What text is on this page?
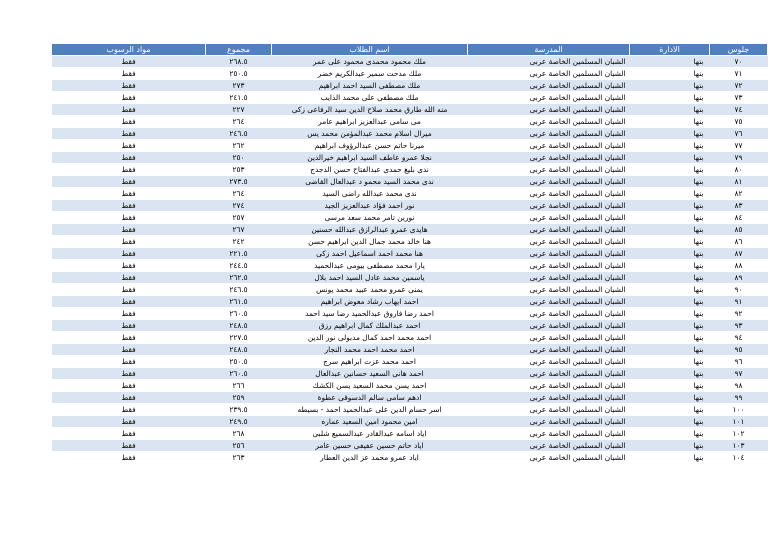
جلوس	الادارة	المدرسة	اسم الطلاب	مجموع	مواد الرسوب
٧٠	بنها	الشبان المسلمين الخاصة عربى	ملك محمود محمدى محمود على عمر	٢٦٨.٥	فقط
٧١	بنها	الشبان المسلمين الخاصة عربى	ملك مدحت سمير عبدالكريم خضر	٢٥٠.٥	فقط
٧٢	بنها	الشبان المسلمين الخاصة عربى	ملك مصطفى السيد احمد ابراهيم	٢٧٣	فقط
٧٣	بنها	الشبان المسلمين الخاصة عربى	ملك مصطفى على محمد الذايب	٢٤١.٥	فقط
٧٤	بنها	الشبان المسلمين الخاصة عربى	منه الله طارق محمد صلاح الدين سيد الرفاعى زكى	٢٢٧	فقط
٧٥	بنها	الشبان المسلمين الخاصة عربى	مى سامى عبدالعزيز ابراهيم عامر	٢٦٤	فقط
٧٦	بنها	الشبان المسلمين الخاصة عربى	ميرال اسلام محمد عبدالمؤمن محمد يس	٢٤٦.٥	فقط
٧٧	بنها	الشبان المسلمين الخاصة عربى	ميرنا حاتم حسن عبدالرؤوف ابراهيم	٢٦٢	فقط
٧٩	بنها	الشبان المسلمين الخاصة عربى	نجلا عمرو عاطف السيد ابراهيم خيرالدين	٢٥٠	فقط
٨٠	بنها	الشبان المسلمين الخاصة عربى	ندى بليغ حمدى عبدالفتاح حسن الدجدج	٢٥٣	فقط
٨١	بنها	الشبان المسلمين الخاصة عربى	ندى محمد السيد محمو د عبدالعال القاضى	٢٧٣.٥	فقط
٨٢	بنها	الشبان المسلمين الخاصة عربى	ندى محمد عبدالله راضى السيد	٢٦٤	فقط
٨٣	بنها	الشبان المسلمين الخاصة عربى	نور احمد فؤاد عبدالعزيز الجيد	٢٧٤	فقط
٨٤	بنها	الشبان المسلمين الخاصة عربى	نورين تامر محمد سعد مرسى	٢٥٧	فقط
٨٥	بنها	الشبان المسلمين الخاصة عربى	هايدى عمرو عبدالرازق عبدالله حسنين	٢٦٧	فقط
٨٦	بنها	الشبان المسلمين الخاصة عربى	هنا خالد محمد جمال الدين ابراهيم حسن	٢٤٢	فقط
٨٧	بنها	الشبان المسلمين الخاصة عربى	هنا محمد احمد اسماعيل احمد زكى	٢٢١.٥	فقط
٨٨	بنها	الشبان المسلمين الخاصة عربى	يارا محمد مصطفى بيومى عبدالحميد	٢٤٤.٥	فقط
٨٩	بنها	الشبان المسلمين الخاصة عربى	ياسمين محمد عادل السيد احمد بلال	٢٦٢.٥	فقط
٩٠	بنها	الشبان المسلمين الخاصة عربى	يمنى عمرو محمد عبيد محمد يونس	٢٤٦.٥	فقط
٩١	بنها	الشبان المسلمين الخاصة عربى	احمد ايهاب رشاد معوض ابراهيم	٢٦١.٥	فقط
٩٢	بنها	الشبان المسلمين الخاصة عربى	احمد رضا فاروق عبدالحميد رضا سيد احمد	٢٦٠.٥	فقط
٩٣	بنها	الشبان المسلمين الخاصة عربى	احمد عبدالملك كمال ابراهيم رزق	٢٤٨.٥	فقط
٩٤	بنها	الشبان المسلمين الخاصة عربى	احمد محمد احمد كمال مدبولى نور الدين	٢٢٧.٥	فقط
٩٥	بنها	الشبان المسلمين الخاصة عربى	احمد محمد احمد محمد النجار	٢٤٨.٥	فقط
٩٦	بنها	الشبان المسلمين الخاصة عربى	احمد محمد عزت ابراهيم سرج	٢٥٠.٥	فقط
٩٧	بنها	الشبان المسلمين الخاصة عربى	احمد هانى السعيد حسانين عبدالعال	٢٦٠.٥	فقط
٩٨	بنها	الشبان المسلمين الخاصة عربى	احمد يسن محمد السعيد يسن الكشك	٢٦٦	فقط
٩٩	بنها	الشبان المسلمين الخاصة عربى	ادهم سامى سالم الدسوقى عطوة	٢٥٩	فقط
١٠٠	بنها	الشبان المسلمين الخاصة عربى	اسر حسام الدين على عبدالحميد احمد - بسيطه	٢٣٩.٥	فقط
١٠١	بنها	الشبان المسلمين الخاصة عربى	امين محمود امين السعيد عماره	٢٤٩.٥	فقط
١٠٢	بنها	الشبان المسلمين الخاصة عربى	اياد اسامه عبدالقادر عبدالسميع شلبى	٢٦٨	فقط
١٠٣	بنها	الشبان المسلمين الخاصة عربى	اياد حاتم حسين عفيفى حسين عامر	٢٥٦	فقط
١٠٤	بنها	الشبان المسلمين الخاصة عربى	اياد عمرو محمد عز الدين العطار	٢٦٣	فقط
